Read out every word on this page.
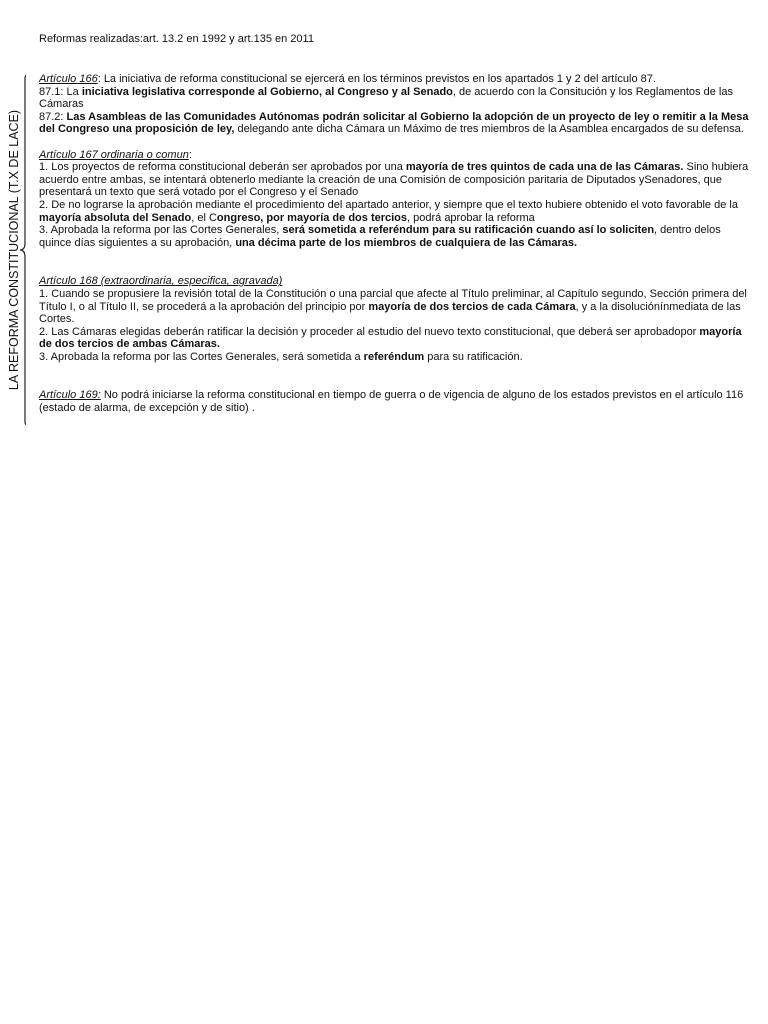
Reformas realizadas:art. 13.2 en 1992 y art.135 en 2011
LA REFORMA CONSTITUCIONAL (T.X DE LACE)

Artículo 166: La iniciativa de reforma constitucional se ejercerá en los términos previstos en los apartados 1 y 2 del artículo 87.

87.1: La iniciativa legislativa corresponde al Gobierno, al Congreso y al Senado, de acuerdo con la Consitución y los Reglamentos de las Cámaras

87.2: Las Asambleas de las Comunidades Autónomas podrán solicitar al Gobierno la adopción de un proyecto de ley o remitir a la Mesa del Congreso una proposición de ley, delegando ante dicha Cámara un Máximo de tres miembros de la Asamblea encargados de su defensa.

Artículo 167 ordinaria o comun:

1. Los proyectos de reforma constitucional deberán ser aprobados por una mayoría de tres quintos de cada una de las Cámaras. Sino hubiera acuerdo entre ambas, se intentará obtenerlo mediante la creación de una Comisión de composición paritaria de Diputados ySenadores, que presentará un texto que será votado por el Congreso y el Senado

2. De no lograrse la aprobación mediante el procedimiento del apartado anterior, y siempre que el texto hubiere obtenido el voto favorable de la mayoría absoluta del Senado, el Congreso, por mayoría de dos tercios, podrá aprobar la reforma

3. Aprobada la reforma por las Cortes Generales, será sometida a referéndum para su ratificación cuando así lo soliciten, dentro delos quince días siguientes a su aprobación, una décima parte de los miembros de cualquiera de las Cámaras.

Artículo 168 (extraordinaria, especifica, agravada)

1. Cuando se propusiere la revisión total de la Constitución o una parcial que afecte al Título preliminar, al Capítulo segundo, Sección primera del Título I, o al Título II, se procederá a la aprobación del principio por mayoría de dos tercios de cada Cámara, y a la disoluciónínmediata de las Cortes.

2. Las Cámaras elegidas deberán ratificar la decisión y proceder al estudio del nuevo texto constitucional, que deberá ser aprobadopor mayoría de dos tercios de ambas Cámaras.

3. Aprobada la reforma por las Cortes Generales, será sometida a referéndum para su ratificación.

Artículo 169: No podrá iniciarse la reforma constitucional en tiempo de guerra o de vigencia de alguno de los estados previstos en el artículo 116 (estado de alarma, de excepción y de sitio) .
